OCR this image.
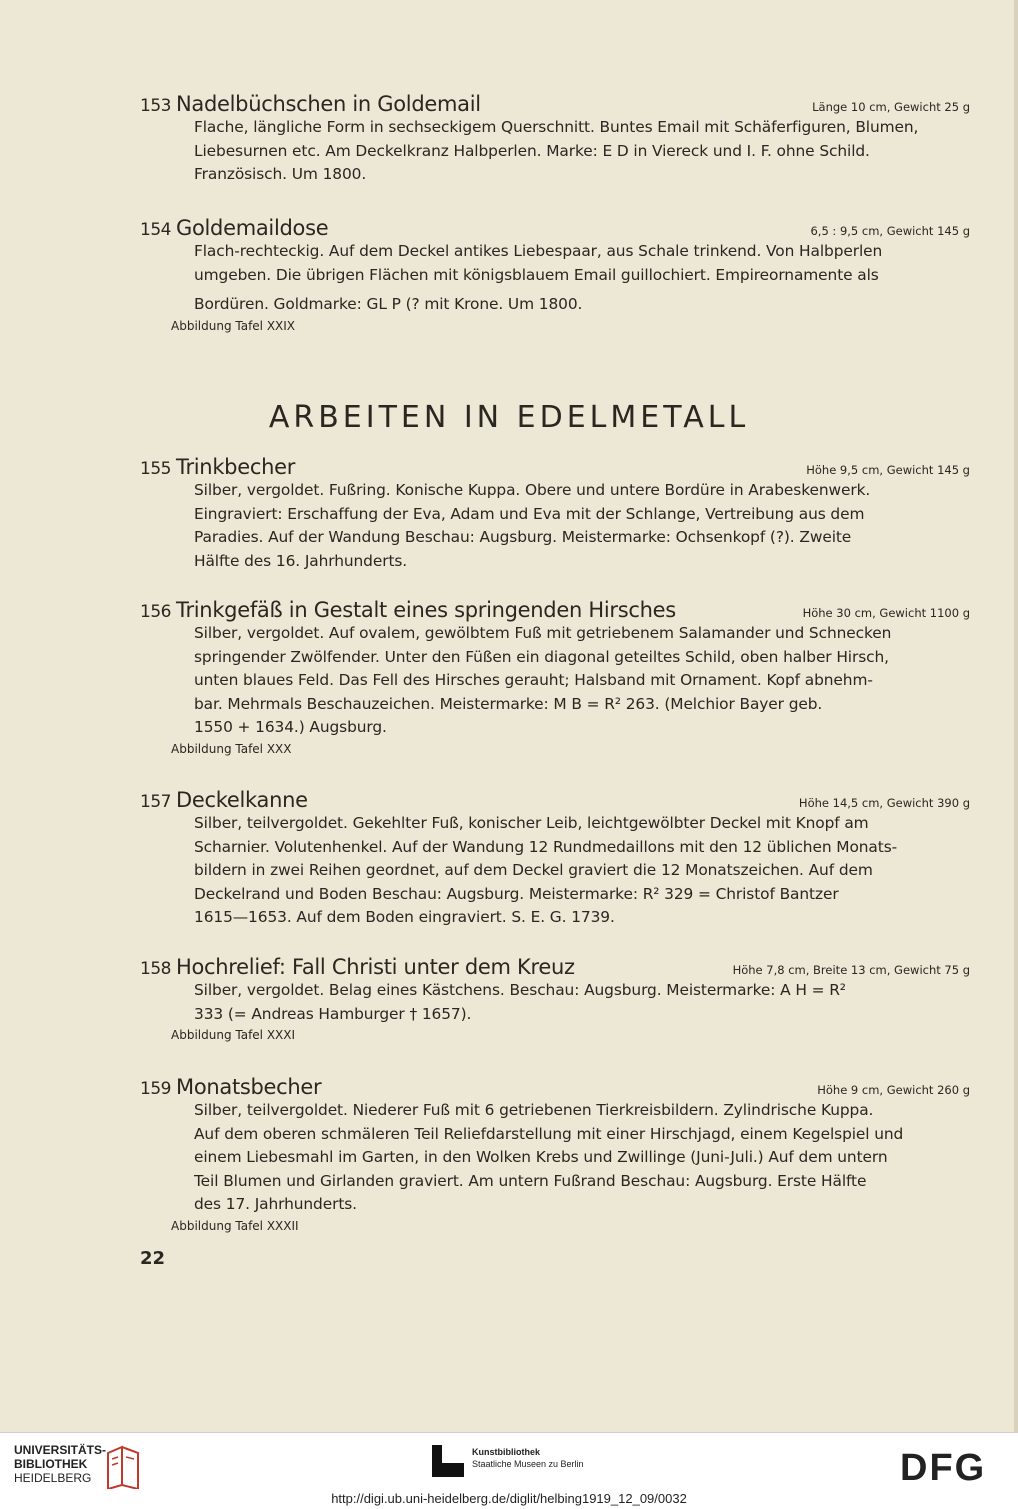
153 Nadelbüchschen in Goldemail	Länge 10 cm, Gewicht 25 g

Flache, längliche Form in sechseckigem Querschnitt. Buntes Email mit Schäferfiguren, Blumen,

Liebesurnen etc. Am Deckelkranz Halbperlen. Marke: E D in Viereck und I. F. ohne Schild.

Französisch. Um 1800.

154 Goldemaildose	6,5 : 9,5 cm, Gewicht 145 g

Flach-rechteckig. Auf dem Deckel antikes Liebespaar, aus Schale trinkend. Von Halbperlen

umgeben. Die übrigen Flächen mit königsblauem Email guillochiert. Empireornamente als

Bordüren. Goldmarke: GL P (? mit Krone. Um 1800.

Abbildung Tafel XXIX
ARBEITEN IN EDELMETALL
155 Trinkbecher	Höhe 9,5 cm, Gewicht 145 g

Silber, vergoldet. Fußring. Konische Kuppa. Obere und untere Bordüre in Arabeskenwerk.

Eingraviert: Erschaffung der Eva, Adam und Eva mit der Schlange, Vertreibung aus dem

Paradies. Auf der Wandung Beschau: Augsburg. Meistermarke: Ochsenkopf (?). Zweite

Hälfte des 16. Jahrhunderts.

156 Trinkgefäß in Gestalt eines springenden Hirsches	Höhe 30 cm, Gewicht 1100 g

Silber, vergoldet. Auf ovalem, gewölbtem Fuß mit getriebenem Salamander und Schnecken

springender Zwölfender. Unter den Füßen ein diagonal geteiltes Schild, oben halber Hirsch,

unten blaues Feld. Das Fell des Hirsches gerauht; Halsband mit Ornament. Kopf abnehm-

bar. Mehrmals Beschauzeichen. Meistermarke: M B = R² 263. (Melchior Bayer geb.

1550 + 1634.) Augsburg.

Abbildung Tafel XXX
157 Deckelkanne	Höhe 14,5 cm, Gewicht 390 g

Silber, teilvergoldet. Gekehlter Fuß, konischer Leib, leichtgewölbter Deckel mit Knopf am

Scharnier. Volutenhenkel. Auf der Wandung 12 Rundmedaillons mit den 12 üblichen Monats-

bildern in zwei Reihen geordnet, auf dem Deckel graviert die 12 Monatszeichen. Auf dem

Deckelrand und Boden Beschau: Augsburg. Meistermarke: R² 329 = Christof Bantzer

1615—1653. Auf dem Boden eingraviert. S. E. G. 1739.

158 Hochrelief: Fall Christi unter dem Kreuz	Höhe 7,8 cm, Breite 13 cm, Gewicht 75 g

Silber, vergoldet. Belag eines Kästchens. Beschau: Augsburg. Meistermarke: A H = R²

333 (= Andreas Hamburger † 1657).

Abbildung Tafel XXXI
159 Monatsbecher	Höhe 9 cm, Gewicht 260 g

Silber, teilvergoldet. Niederer Fuß mit 6 getriebenen Tierkreisbildern. Zylindrische Kuppa.

Auf dem oberen schmäleren Teil Reliefdarstellung mit einer Hirschjagd, einem Kegelspiel und

einem Liebesmahl im Garten, in den Wolken Krebs und Zwillinge (Juni-Juli.) Auf dem untern

Teil Blumen und Girlanden graviert. Am untern Fußrand Beschau: Augsburg. Erste Hälfte

des 17. Jahrhunderts.

Abbildung Tafel XXXII
22
UNIVERSITÄTS-
BIBLIOTHEK
HEIDELBERG
Kunstbibliothek
Staatliche Museen zu Berlin	DFG
http://digi.ub.uni-heidelberg.de/diglit/helbing1919_12_09/0032
